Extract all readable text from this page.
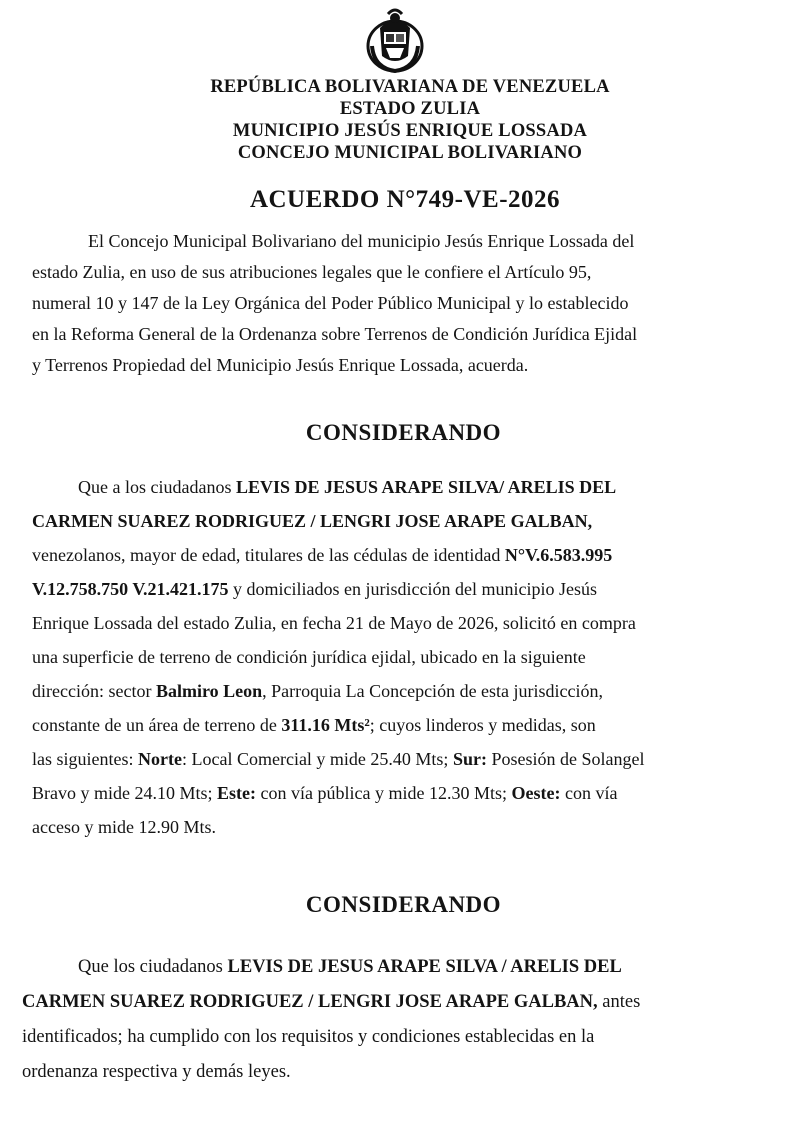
REPÚBLICA BOLIVARIANA DE VENEZUELA
ESTADO ZULIA
MUNICIPIO JESÚS ENRIQUE LOSSADA
CONCEJO MUNICIPAL BOLIVARIANO
ACUERDO N°749-VE-2026
El Concejo Municipal Bolivariano del municipio Jesús Enrique Lossada del
estado Zulia, en uso de sus atribuciones legales que le confiere el Artículo 95,
numeral 10 y 147 de la Ley Orgánica del Poder Público Municipal y lo establecido
en la Reforma General de la Ordenanza sobre Terrenos de Condición Jurídica Ejidal
y Terrenos Propiedad del Municipio Jesús Enrique Lossada, acuerda.
CONSIDERANDO
Que a los ciudadanos LEVIS DE JESUS ARAPE SILVA/ ARELIS DEL
CARMEN SUAREZ RODRIGUEZ / LENGRI JOSE ARAPE GALBAN,
venezolanos, mayor de edad, titulares de las cédulas de identidad N°V.6.583.995
V.12.758.750 V.21.421.175 y domiciliados en jurisdicción del municipio Jesús
Enrique Lossada del estado Zulia, en fecha 21 de Mayo de 2026, solicitó en compra
una superficie de terreno de condición jurídica ejidal, ubicado en la siguiente
dirección: sector Balmiro Leon, Parroquia La Concepción de esta jurisdicción,
constante de un área de terreno de 311.16 Mts²; cuyos linderos y medidas, son
las siguientes: Norte: Local Comercial y mide 25.40 Mts; Sur: Posesión de Solangel
Bravo y mide 24.10 Mts; Este: con vía pública y mide 12.30 Mts; Oeste: con vía
acceso y mide 12.90 Mts.
CONSIDERANDO
Que los ciudadanos LEVIS DE JESUS ARAPE SILVA / ARELIS DEL
CARMEN SUAREZ RODRIGUEZ / LENGRI JOSE ARAPE GALBAN, antes
identificados; ha cumplido con los requisitos y condiciones establecidas en la
ordenanza respectiva y demás leyes.
